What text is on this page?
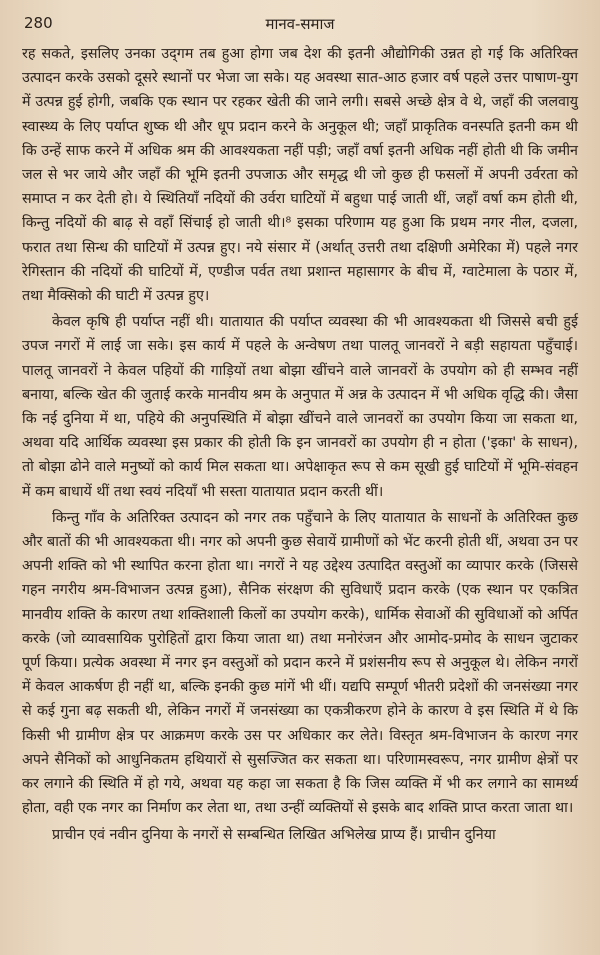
280	मानव-समाज

रह सकते, इसलिए उनका उद्‌गम तब हुआ होगा जब देश की इतनी औद्योगिकी उन्नत हो गई कि अतिरिक्त उत्पादन करके उसको दूसरे स्थानों पर भेजा जा सके। यह अवस्था सात-आठ हजार वर्ष पहले उत्तर पाषाण-युग में उत्पन्न हुई होगी, जबकि एक स्थान पर रहकर खेती की जाने लगी। सबसे अच्छे क्षेत्र वे थे, जहाँ की जलवायु स्वास्थ्य के लिए पर्याप्त शुष्क थी और धूप प्रदान करने के अनुकूल थी; जहाँ प्राकृतिक वनस्पति इतनी कम थी कि उन्हें साफ करने में अधिक श्रम की आवश्यकता नहीं पड़ी; जहाँ वर्षा इतनी अधिक नहीं होती थी कि जमीन जल से भर जाये और जहाँ की भूमि इतनी उपजाऊ और समृद्ध थी जो कुछ ही फसलों में अपनी उर्वरता को समाप्त न कर देती हो। ये स्थितियाँ नदियों की उर्वरा घाटियों में बहुधा पाई जाती थीं, जहाँ वर्षा कम होती थी, किन्तु नदियों की बाढ़ से वहाँ सिंचाई हो जाती थी।⁸ इसका परिणाम यह हुआ कि प्रथम नगर नील, दजला, फरात तथा सिन्ध की घाटियों में उत्पन्न हुए। नये संसार में (अर्थात् उत्तरी तथा दक्षिणी अमेरिका में) पहले नगर रेगिस्तान की नदियों की घाटियों में, एण्डीज पर्वत तथा प्रशान्त महासागर के बीच में, ग्वाटेमाला के पठार में, तथा मैक्सिको की घाटी में उत्पन्न हुए।

केवल कृषि ही पर्याप्त नहीं थी। यातायात की पर्याप्त व्यवस्था की भी आवश्यकता थी जिससे बची हुई उपज नगरों में लाई जा सके। इस कार्य में पहले के अन्वेषण तथा पालतू जानवरों ने बड़ी सहायता पहुँचाई। पालतू जानवरों ने केवल पहियों की गाड़ियों तथा बोझा खींचने वाले जानवरों के उपयोग को ही सम्भव नहीं बनाया, बल्कि खेत की जुताई करके मानवीय श्रम के अनुपात में अन्न के उत्पादन में भी अधिक वृद्धि की। जैसा कि नई दुनिया में था, पहिये की अनुपस्थिति में बोझा खींचने वाले जानवरों का उपयोग किया जा सकता था, अथवा यदि आर्थिक व्यवस्था इस प्रकार की होती कि इन जानवरों का उपयोग ही न होता ('इका' के साधन), तो बोझा ढोने वाले मनुष्यों को कार्य मिल सकता था। अपेक्षाकृत रूप से कम सूखी हुई घाटियों में भूमि-संवहन में कम बाधायें थीं तथा स्वयं नदियाँ भी सस्ता यातायात प्रदान करती थीं।

किन्तु गाँव के अतिरिक्त उत्पादन को नगर तक पहुँचाने के लिए यातायात के साधनों के अतिरिक्त कुछ और बातों की भी आवश्यकता थी। नगर को अपनी कुछ सेवायें ग्रामीणों को भेंट करनी होती थीं, अथवा उन पर अपनी शक्ति को भी स्थापित करना होता था। नगरों ने यह उद्देश्य उत्पादित वस्तुओं का व्यापार करके (जिससे गहन नगरीय श्रम-विभाजन उत्पन्न हुआ), सैनिक संरक्षण की सुविधाएँ प्रदान करके (एक स्थान पर एकत्रित मानवीय शक्ति के कारण तथा शक्तिशाली किलों का उपयोग करके), धार्मिक सेवाओं की सुविधाओं को अर्पित करके (जो व्यावसायिक पुरोहितों द्वारा किया जाता था) तथा मनोरंजन और आमोद-प्रमोद के साधन जुटाकर पूर्ण किया। प्रत्येक अवस्था में नगर इन वस्तुओं को प्रदान करने में प्रशंसनीय रूप से अनुकूल थे। लेकिन नगरों में केवल आकर्षण ही नहीं था, बल्कि इनकी कुछ मांगें भी थीं। यद्यपि सम्पूर्ण भीतरी प्रदेशों की जनसंख्या नगर से कई गुना बढ़ सकती थी, लेकिन नगरों में जनसंख्या का एकत्रीकरण होने के कारण वे इस स्थिति में थे कि किसी भी ग्रामीण क्षेत्र पर आक्रमण करके उस पर अधिकार कर लेते। विस्तृत श्रम-विभाजन के कारण नगर अपने सैनिकों को आधुनिकतम हथियारों से सुसज्जित कर सकता था। परिणामस्वरूप, नगर ग्रामीण क्षेत्रों पर कर लगाने की स्थिति में हो गये, अथवा यह कहा जा सकता है कि जिस व्यक्ति में भी कर लगाने का सामर्थ्य होता, वही एक नगर का निर्माण कर लेता था, तथा उन्हीं व्यक्तियों से इसके बाद शक्ति प्राप्त करता जाता था।

प्राचीन एवं नवीन दुनिया के नगरों से सम्बन्धित लिखित अभिलेख प्राप्य हैं। प्राचीन दुनिया
